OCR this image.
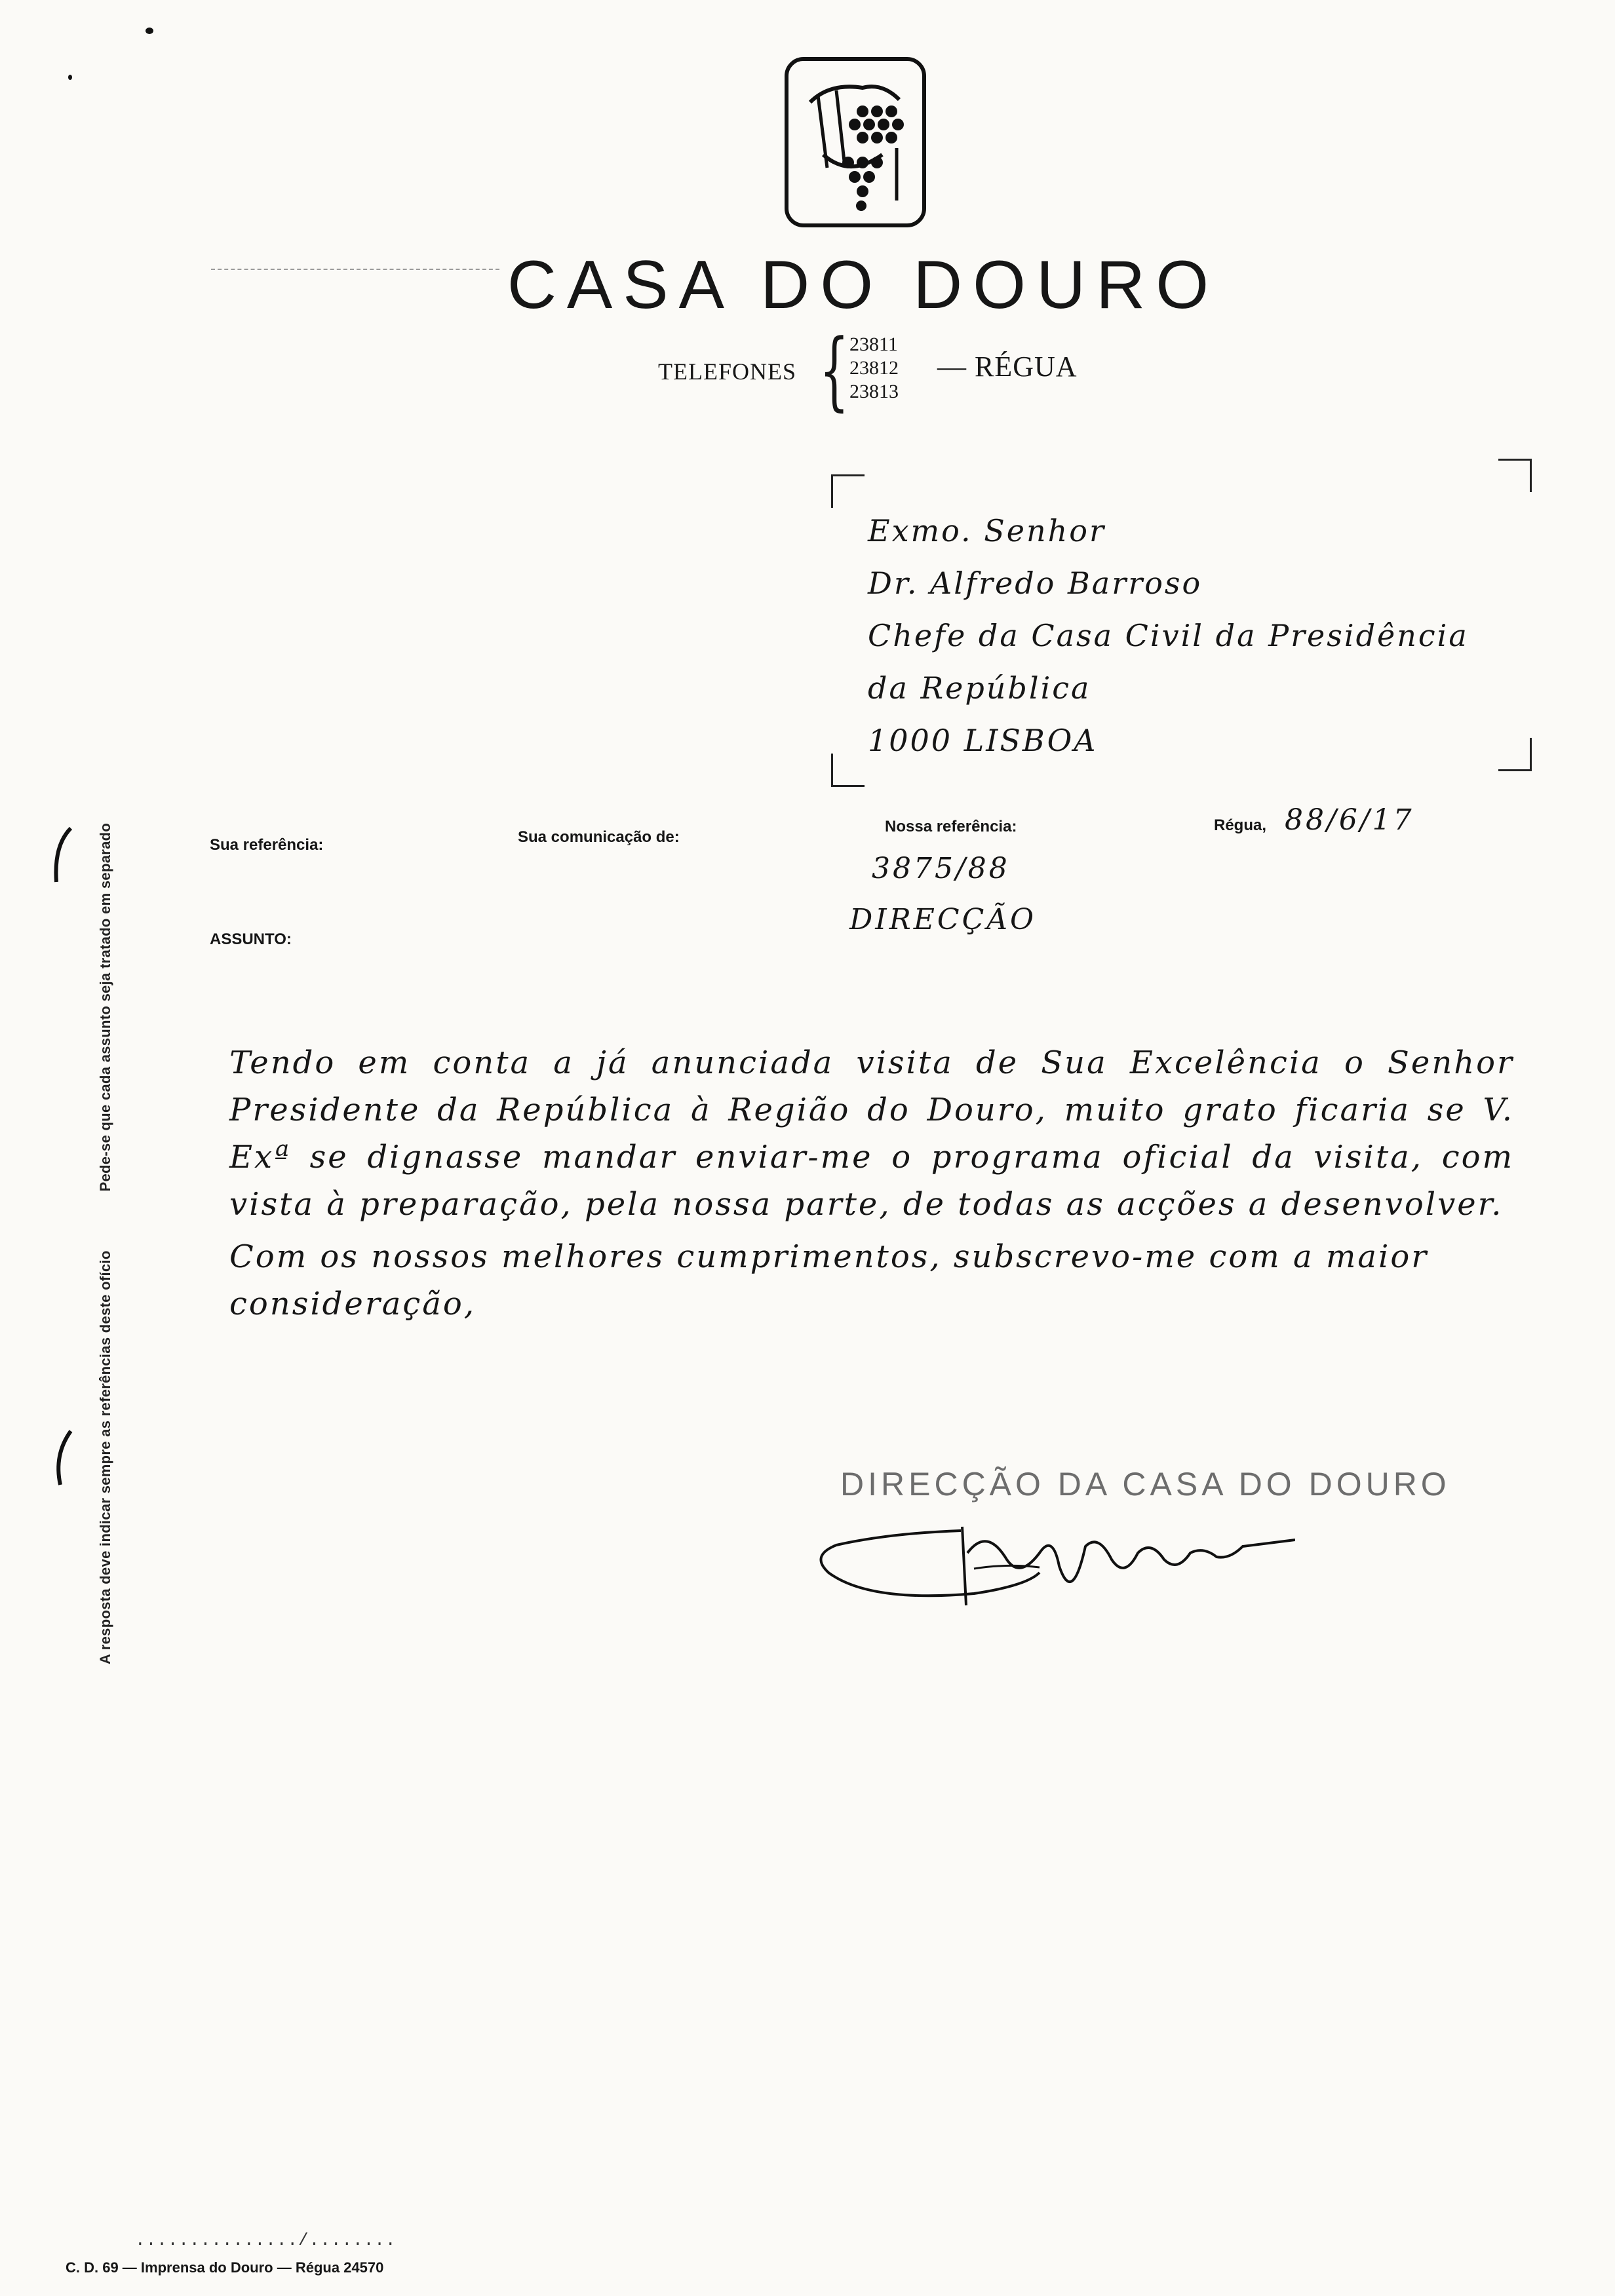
CASA DO DOURO
TELEFONES { 23811
23812
23813
— RÉGUA
Exmo. Senhor
Dr. Alfredo Barroso
Chefe da Casa Civil da Presidência
da República
1000 LISBOA
Sua referência:	Sua comunicação de:
Nossa referência:	Régua, 88/6/17
3875/88
ASSUNTO:
DIRECÇÃO

Tendo em conta a já anunciada visita de Sua Excelência o Senhor Presidente da República à Região do Douro, muito grato ficaria se V. Exª se dignasse mandar enviar-me o programa oficial da visita, com vista à preparação, pela nossa parte, de todas as acções a desenvolver.

Com os nossos melhores cumprimentos, subscrevo-me com a maior consideração,

DIRECÇÃO DA CASA DO DOURO
A resposta deve indicar sempre as referências deste ofícioPede-se que cada assunto seja tratado em separado
.............../........
C. D. 69 — Imprensa do Douro — Régua 24570
